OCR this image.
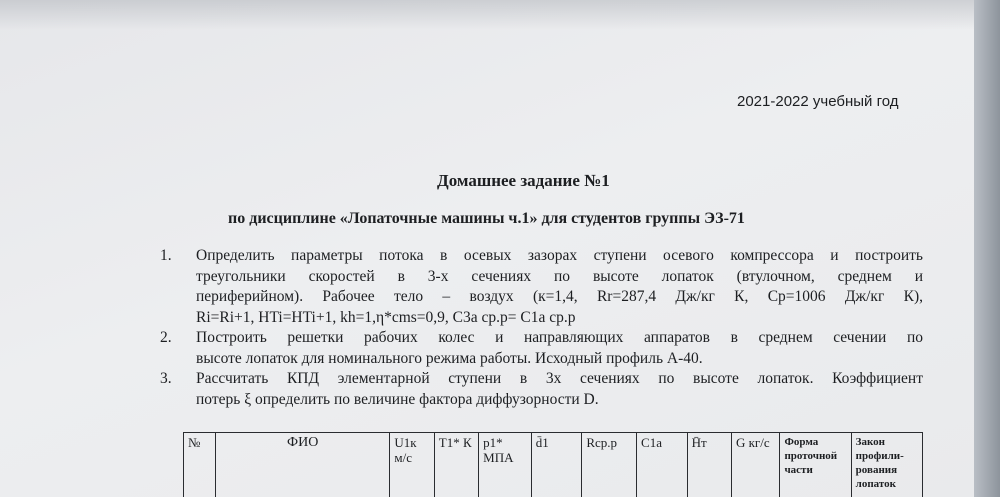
2021-2022 учебный год
Домашнее задание №1
по дисциплине «Лопаточные машины ч.1» для студентов группы ЭЗ-71
1.	Определить параметры потока в осевых зазорах ступени осевого компрессора и построить
треугольники скоростей в 3-х сечениях по высоте лопаток (втулочном, среднем и
периферийном). Рабочее тело – воздух (к=1,4, Rr=287,4 Дж/кг К, Cp=1006 Дж/кг К),
Ri=Ri+1, HTi=HTi+1, kh=1,η*cms=0,9, C3a cp.p= C1a cp.p
2.	Построить решетки рабочих колес и направляющих аппаратов в среднем сечении по
высоте лопаток для номинального режима работы. Исходный профиль А-40.
3.	Рассчитать КПД элементарной ступени в 3х сечениях по высоте лопаток. Коэффициент
потерь ξ определить по величине фактора диффузорности D.
№	ФИО	U1к м/с	T1* К	p1* МПА	d̄1	Rср.р	C1a	H̄т	G кг/с	Форма проточной части	Закон профили-рования лопаток
